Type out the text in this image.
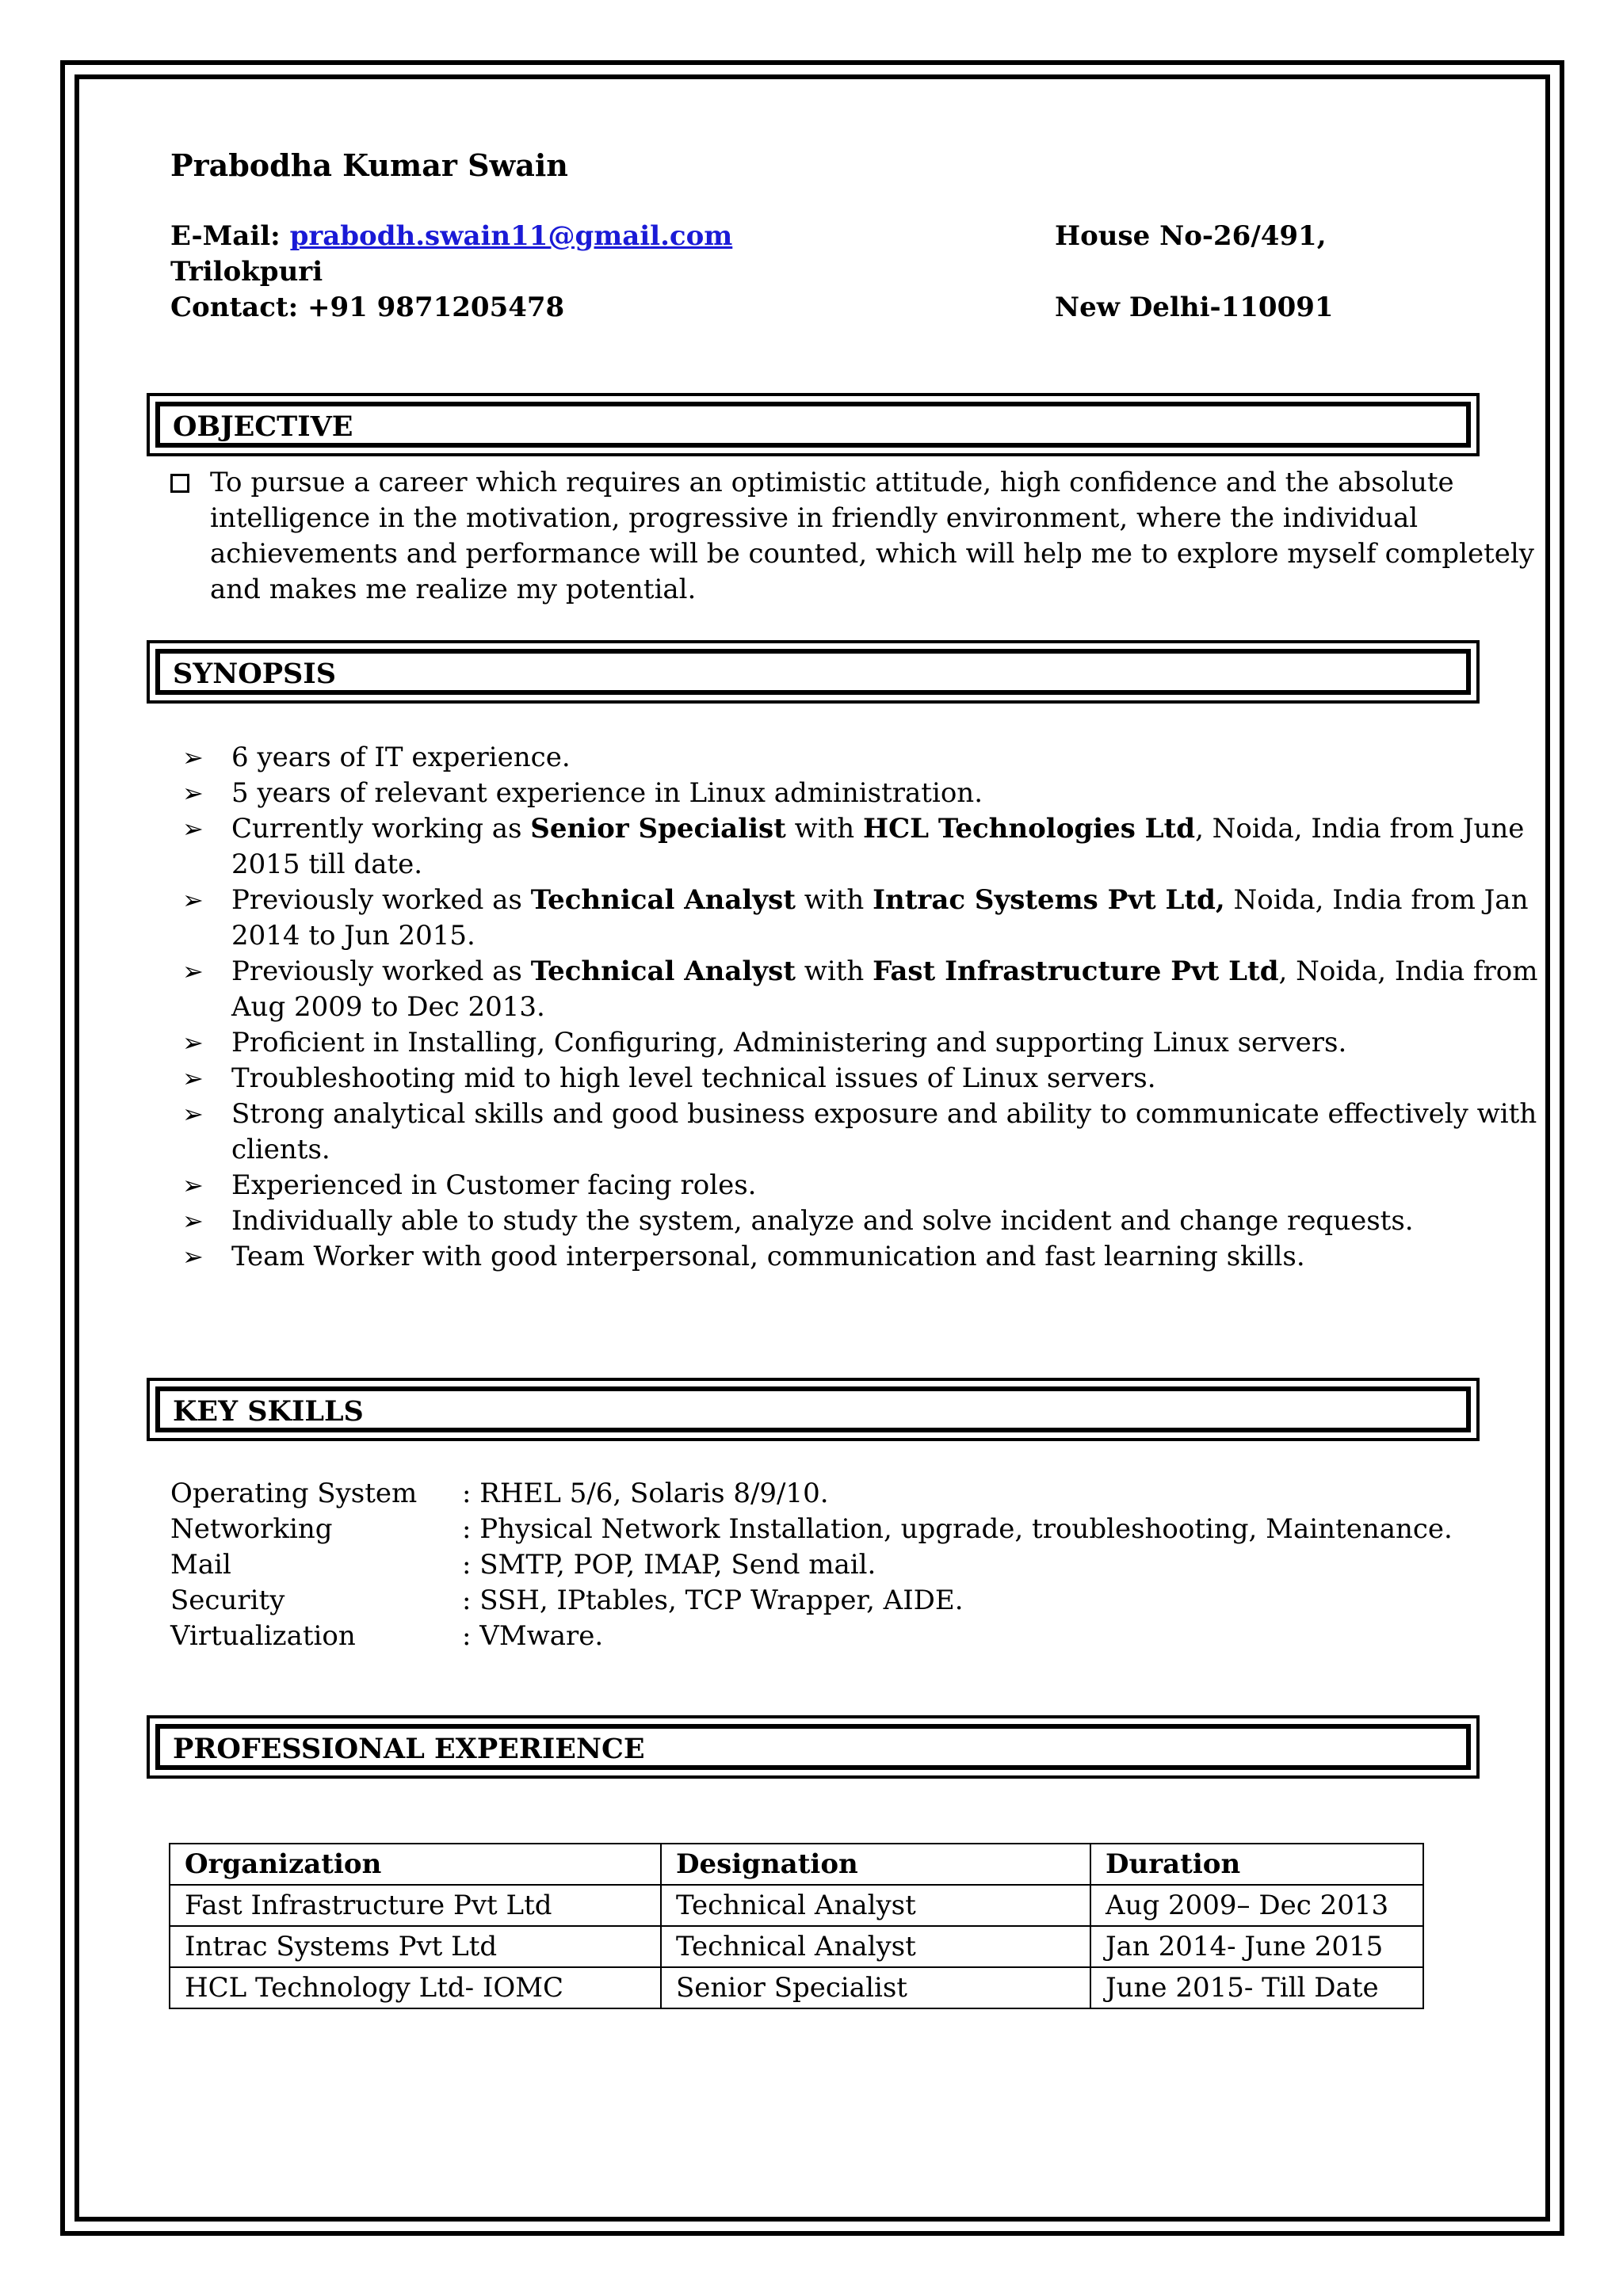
Prabodha Kumar Swain
E-Mail: prabodh.swain11@gmail.com	House No-26/491,
Trilokpuri
Contact: +91 9871205478	New Delhi-110091
OBJECTIVE
To pursue a career which requires an optimistic attitude, high confidence and the absolute
intelligence in the motivation, progressive in friendly environment, where the individual
achievements and performance will be counted, which will help me to explore myself completely
and makes me realize my potential.
SYNOPSIS
➢ 6 years of IT experience.
➢ 5 years of relevant experience in Linux administration.
➢ Currently working as Senior Specialist with HCL Technologies Ltd, Noida, India from June
2015 till date.
➢ Previously worked as Technical Analyst with Intrac Systems Pvt Ltd, Noida, India from Jan
2014 to Jun 2015.
➢ Previously worked as Technical Analyst with Fast Infrastructure Pvt Ltd, Noida, India from
Aug 2009 to Dec 2013.
➢ Proficient in Installing, Configuring, Administering and supporting Linux servers.
➢ Troubleshooting mid to high level technical issues of Linux servers.
➢ Strong analytical skills and good business exposure and ability to communicate effectively with
clients.
➢ Experienced in Customer facing roles.
➢ Individually able to study the system, analyze and solve incident and change requests.
➢ Team Worker with good interpersonal, communication and fast learning skills.
KEY SKILLS
Operating System : RHEL 5/6, Solaris 8/9/10.
Networking	: Physical Network Installation, upgrade, troubleshooting, Maintenance.
Mail	: SMTP, POP, IMAP, Send mail.
Security	: SSH, IPtables, TCP Wrapper, AIDE.
Virtualization	: VMware.
PROFESSIONAL EXPERIENCE
Organization	Designation	Duration
Fast Infrastructure Pvt Ltd	Technical Analyst	Aug 2009– Dec 2013
Intrac Systems Pvt Ltd	Technical Analyst	Jan 2014- June 2015
HCL Technology Ltd- IOMC	Senior Specialist	June 2015- Till Date
